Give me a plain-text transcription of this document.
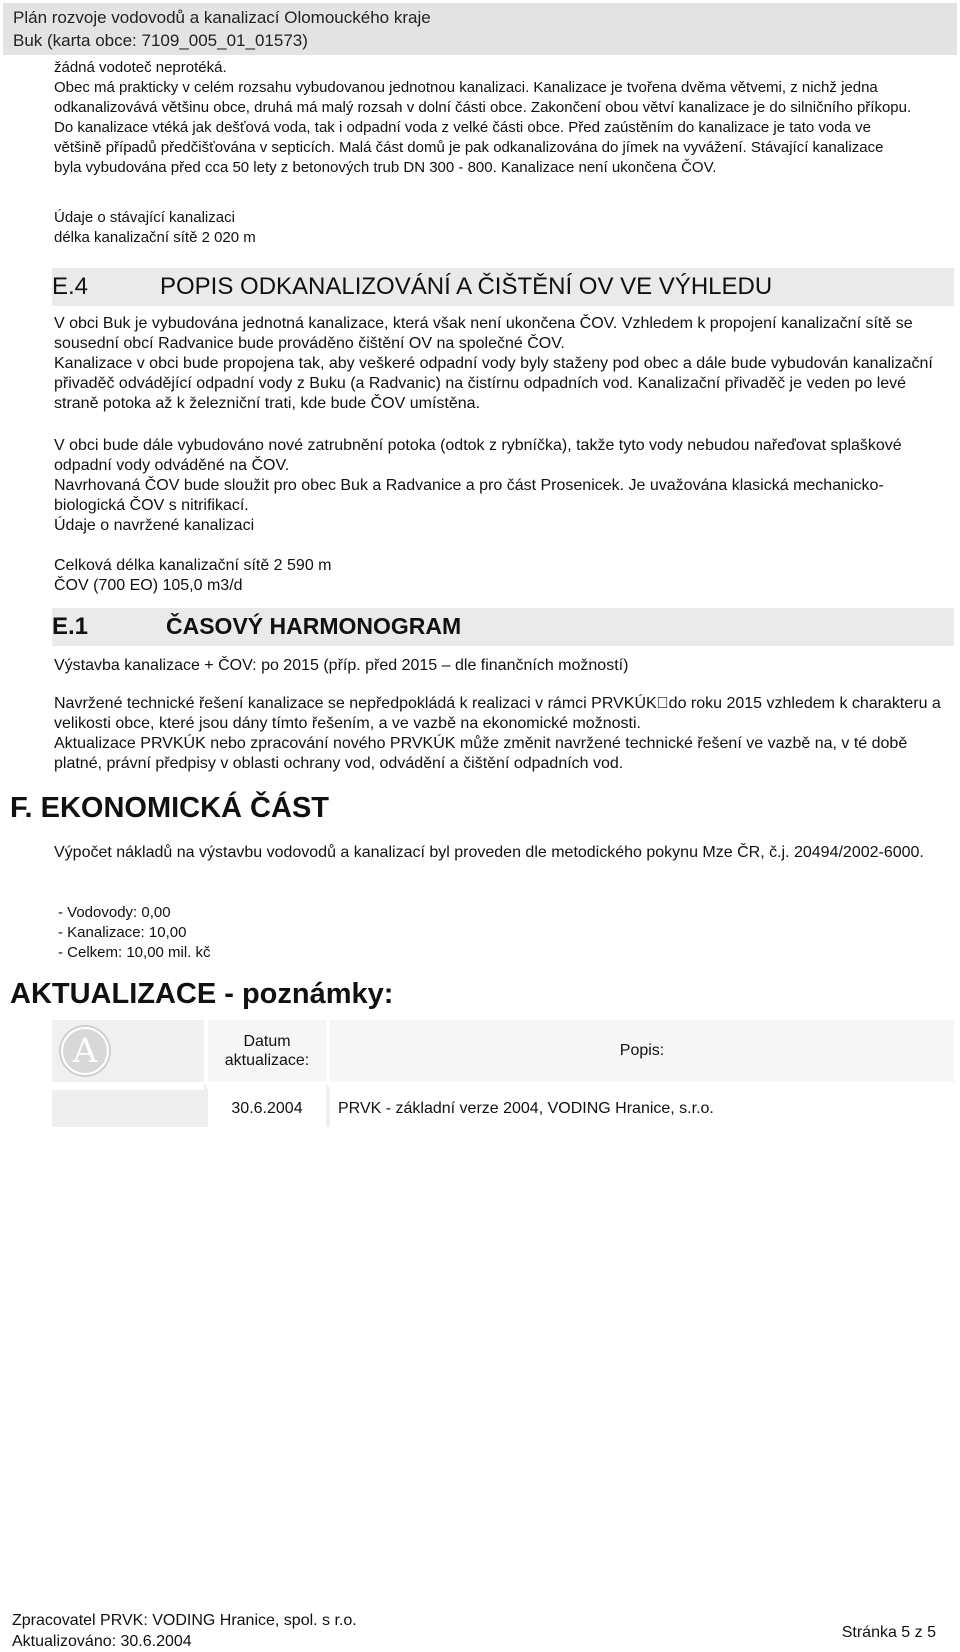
Plán rozvoje vodovodů a kanalizací Olomouckého kraje
Buk (karta obce: 7109_005_01_01573)

žádná vodoteč neprotéká.

Obec má prakticky v celém rozsahu vybudovanou jednotnou kanalizaci. Kanalizace je tvořena dvěma větvemi, z nichž jedna odkanalizovává většinu obce, druhá má malý rozsah v dolní části obce. Zakončení obou větví kanalizace je do silničního příkopu. Do kanalizace vtéká jak dešťová voda, tak i odpadní voda z velké části obce. Před zaústěním do kanalizace je tato voda ve většině případů předčišťována v septicích. Malá část domů je pak odkanalizována do jímek na vyvážení. Stávající kanalizace byla vybudována před cca 50 lety z betonových trub DN 300 - 800. Kanalizace není ukončena ČOV.

Údaje o stávající kanalizaci

délka kanalizační sítě 2 020 m

E.4	POPIS ODKANALIZOVÁNÍ A ČIŠTĚNÍ OV VE VÝHLEDU

V obci Buk je vybudována jednotná kanalizace, která však není ukončena ČOV. Vzhledem k propojení kanalizační sítě se sousední obcí Radvanice bude prováděno čištění OV na společné ČOV.

Kanalizace v obci bude propojena tak, aby veškeré odpadní vody byly staženy pod obec a dále bude vybudován kanalizační přivaděč odvádějící odpadní vody z Buku (a Radvanic) na čistírnu odpadních vod. Kanalizační přivaděč je veden po levé straně potoka až k železniční trati, kde bude ČOV umístěna.

V obci bude dále vybudováno nové zatrubnění potoka (odtok z rybníčka), takže tyto vody nebudou nařeďovat splaškové odpadní vody odváděné na ČOV.

Navrhovaná ČOV bude sloužit pro obec Buk a Radvanice a pro část Prosenicek. Je uvažována klasická mechanicko-biologická ČOV s nitrifikací.

Údaje o navržené kanalizaci

Celková délka kanalizační sítě 2 590 m

ČOV (700 EO) 105,0 m3/d

E.1	ČASOVÝ HARMONOGRAM

Výstavba kanalizace + ČOV: po 2015 (příp. před 2015 – dle finančních možností)

Navržené technické řešení kanalizace se nepředpokládá k realizaci v rámci PRVKÚK do roku 2015 vzhledem k charakteru a velikosti obce, které jsou dány tímto řešením, a ve vazbě na ekonomické možnosti.

Aktualizace PRVKÚK nebo zpracování nového PRVKÚK může změnit navržené technické řešení ve vazbě na, v té době platné, právní předpisy v oblasti ochrany vod, odvádění a čištění odpadních vod.

F. EKONOMICKÁ ČÁST

Výpočet nákladů na výstavbu vodovodů a kanalizací byl proveden dle metodického pokynu Mze ČR, č.j. 20494/2002-6000.

- Vodovody: 0,00
- Kanalizace: 10,00
- Celkem: 10,00 mil. kč
AKTUALIZACE - poznámky:
A	Datum aktualizace:	Popis:
	30.6.2004	PRVK - základní verze 2004, VODING Hranice, s.r.o.
Zpracovatel PRVK: VODING Hranice, spol. s r.o.
Aktualizováno: 30.6.2004
Stránka 5 z 5
